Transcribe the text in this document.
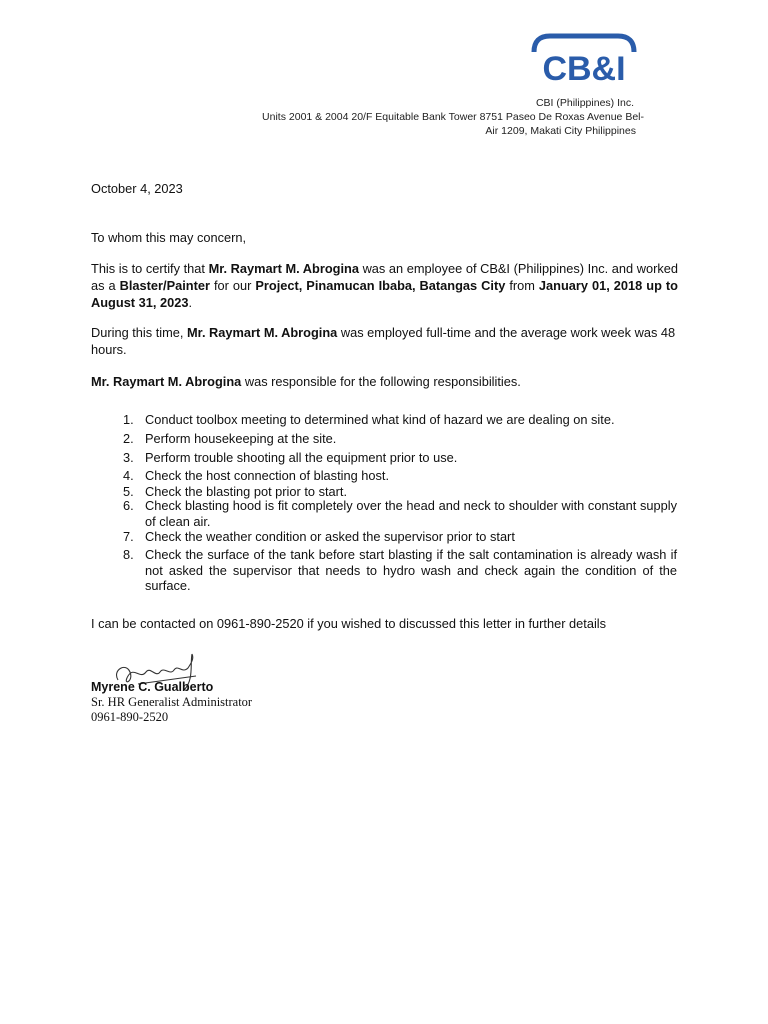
CB&I
CBI (Philippines) Inc.
Units 2001 & 2004 20/F Equitable Bank Tower 8751 Paseo De Roxas Avenue Bel-
Air 1209, Makati City Philippines
October 4, 2023
To whom this may concern,
This is to certify that Mr. Raymart M. Abrogina was an employee of CB&I (Philippines) Inc. and worked as a Blaster/Painter for our Project, Pinamucan Ibaba, Batangas City from January 01, 2018 up to August 31, 2023.
During this time, Mr. Raymart M. Abrogina was employed full-time and the average work week was 48 hours.
Mr. Raymart M. Abrogina was responsible for the following responsibilities.
1. Conduct toolbox meeting to determined what kind of hazard we are dealing on site.
2. Perform housekeeping at the site.
3. Perform trouble shooting all the equipment prior to use.
4. Check the host connection of blasting host.
5. Check the blasting pot prior to start.
6. Check blasting hood is fit completely over the head and neck to shoulder with constant supply of clean air.
7. Check the weather condition or asked the supervisor prior to start
8. Check the surface of the tank before start blasting if the salt contamination is already wash if not asked the supervisor that needs to hydro wash and check again the condition of the surface.
I can be contacted on 0961-890-2520 if you wished to discussed this letter in further details
Myrene C. Gualberto
Sr. HR Generalist Administrator
0961-890-2520
